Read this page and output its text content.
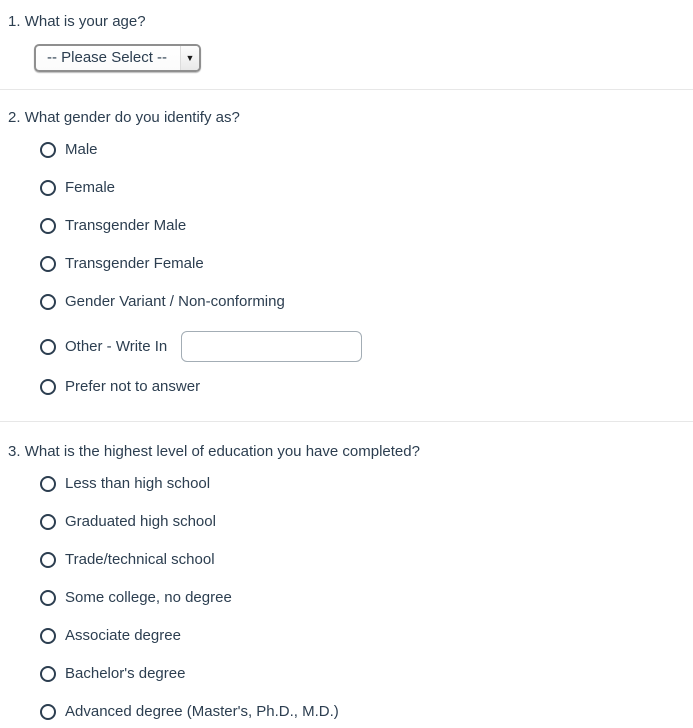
1. What is your age?
-- Please Select --
▼
2. What gender do you identify as?
Male
Female
Transgender Male
Transgender Female
Gender Variant / Non-conforming
Other - Write In
Prefer not to answer
3. What is the highest level of education you have completed?
Less than high school
Graduated high school
Trade/technical school
Some college, no degree
Associate degree
Bachelor's degree
Advanced degree (Master's, Ph.D., M.D.)
